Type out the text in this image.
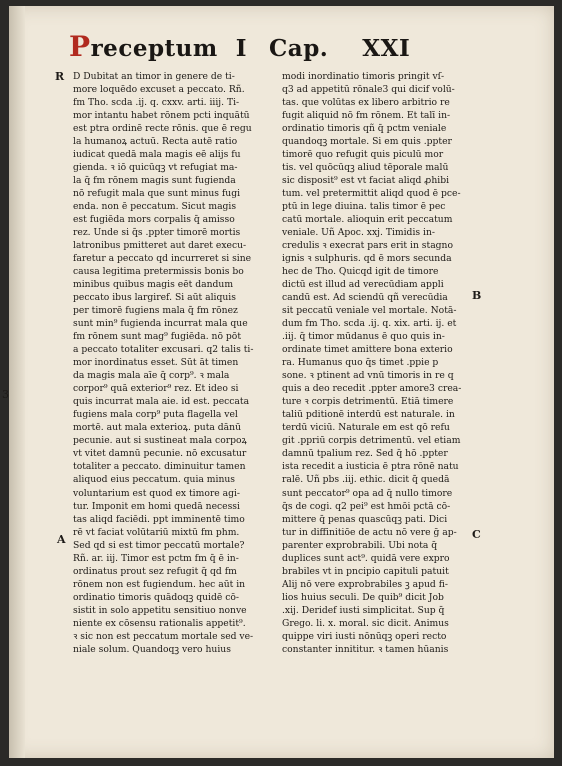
Preceptum I Cap. XXI
D Dubitat an timor in genere de ti-
more loquēdo excuset a peccato. Rñ.
fm Tho. scda .ij. q. cxxv. arti. iiij. Ti-
mor intantu habet rōnem pcti inquātū
est ptra ordinē recte rōnis. que ē regu
la humanoꝝ actuū. Recta autē ratio
iudicat quedā mala magis eē alijs fu
gienda. ꝛ iō quicūqꝫ vt refugiat ma-
la q̄ fm rōnem magis sunt fugienda
nō refugit mala que sunt minus fugi
enda. non ē peccatum. Sicut magis
est fugiēda mors corpalis q̄ amisso
rez. Unde si q̄s .ppter timorē mortis
latronibus pmitteret aut daret execu-
faretur a peccato qd incurreret si sine
causa legitima pretermissis bonis bo
minibus quibus magis eēt dandum
peccato ibus largiref. Si aūt aliquis
per timorē fugiens mala q̄ fm rōnez
sunt min⁹ fugienda incurrat mala que
fm rōnem sunt mag⁹ fugiēda. nō pōt
a peccato totaliter excusari. q2 talis ti-
mor inordinatus esset. Sūt āt timen
da magis mala aīe q̄ corp⁹. ꝛ mala
corpor⁹ quā exterior⁹ rez. Et ideo si
quis incurrat mala aie. id est. peccata
fugiens mala corp⁹ puta flagella vel
mortē. aut mala exterioꝝ. puta dānū
pecunie. aut si sustineat mala corpoꝝ
vt vitet damnū pecunie. nō excusatur
totaliter a peccato. diminuitur tamen
aliquod eius peccatum. quia minus
voluntarium est quod ex timore agi-
tur. Imponit em homi quedā necessi
tas aliqd faciēdi. ppt imminentē timo
rē vt faciat volūtariū mixtū fm phm.
Sed qd si est timor peccatū mortale?
Rñ. ar. iij. Timor est pctm fm q̄ ē in-
ordinatus prout sez refugit q̄ qd fm
rōnem non est fugiendum. hec aūt in
ordinatio timoris quādoqꝫ quidē cō-
sistit in solo appetitu sensitiuo nonve
niente ex cōsensu rationalis appetit⁹.
ꝛ sic non est peccatum mortale sed ve-
niale solum. Quandoqꝫ vero huius
modi inordinatio timoris pringit vſ-
q3 ad appetitū rōnale3 qui dicif volū-
tas. que volūtas ex libero arbitrio re
fugit aliquid nō fm rōnem. Et talī in-
ordinatio timoris qñ q̄ pctm veniale
quandoqꝫ mortale. Si em quis .ppter
timorē quo refugit quis piculū mor
tis. vel quōcūqꝫ aliud tēporale malū
sic disposit⁹ est vt faciat aliqd ꝓhibi
tum. vel pretermittit aliqd quod ē pce-
ptū in lege diuina. talis timor ē pec
catū mortale. alioquin erit peccatum
veniale. Uñ Apoc. xxj. Timidis in-
credulis ꝛ execrat pars erit in stagno
ignis ꝛ sulphuris. qd ē mors secunda
hec de Tho. Quicqd igit de timore
dictū est illud ad verecūdiam appli
candū est. Ad sciendū qñ verecūdia
sit peccatū veniale vel mortale. Notā-
dum fm Tho. scda .ij. q. xix. arti. ij. et
.iij. q̄ timor mūdanus ē quo quis in-
ordinate timet amittere bona exterio
ra. Humanus quo q̄s timet .ppie p
sone. ꝛ ptinent ad vnū timoris in re q
quis a deo recedit .ppter amore3 crea-
ture ꝛ corpis detrimentū. Etiā timere
taliū pditionē interdū est naturale. in
terdū viciū. Naturale em est qō refu
git .ppriū corpis detrimentū. vel etiam
damnū tpalium rez. Sed q̄ hō .ppter
ista recedit a iusticia ē ptra rōnē natu
ralē. Uñ pbs .iij. ethic. dicit q̄ quedā
sunt peccator⁹ opa ad q̄ nullo timore
q̄s de cogi. q2 pei⁹ est hmōi pctā cō-
mittere q̄ penas quascūqꝫ pati. Dici
tur in diffinitiōe de actu nō vere ḡ ap-
parenter exprobrabili. Ubi nota q̄
duplices sunt act⁹. quidā vere expro
brabiles vt in pncipio capituli patuit
Alij nō vere exprobrabiles ꝫ apud fi-
lios huius seculi. De quib⁹ dicit Job
.xij. Deridef iusti simplicitat. Sup q̄
Grego. li. x. moral. sic dicit. Animus
quippe viri iusti nōnūqꝫ operi recto
constanter innititur. ꝛ tamen hūanis
R
A
B
C
3
